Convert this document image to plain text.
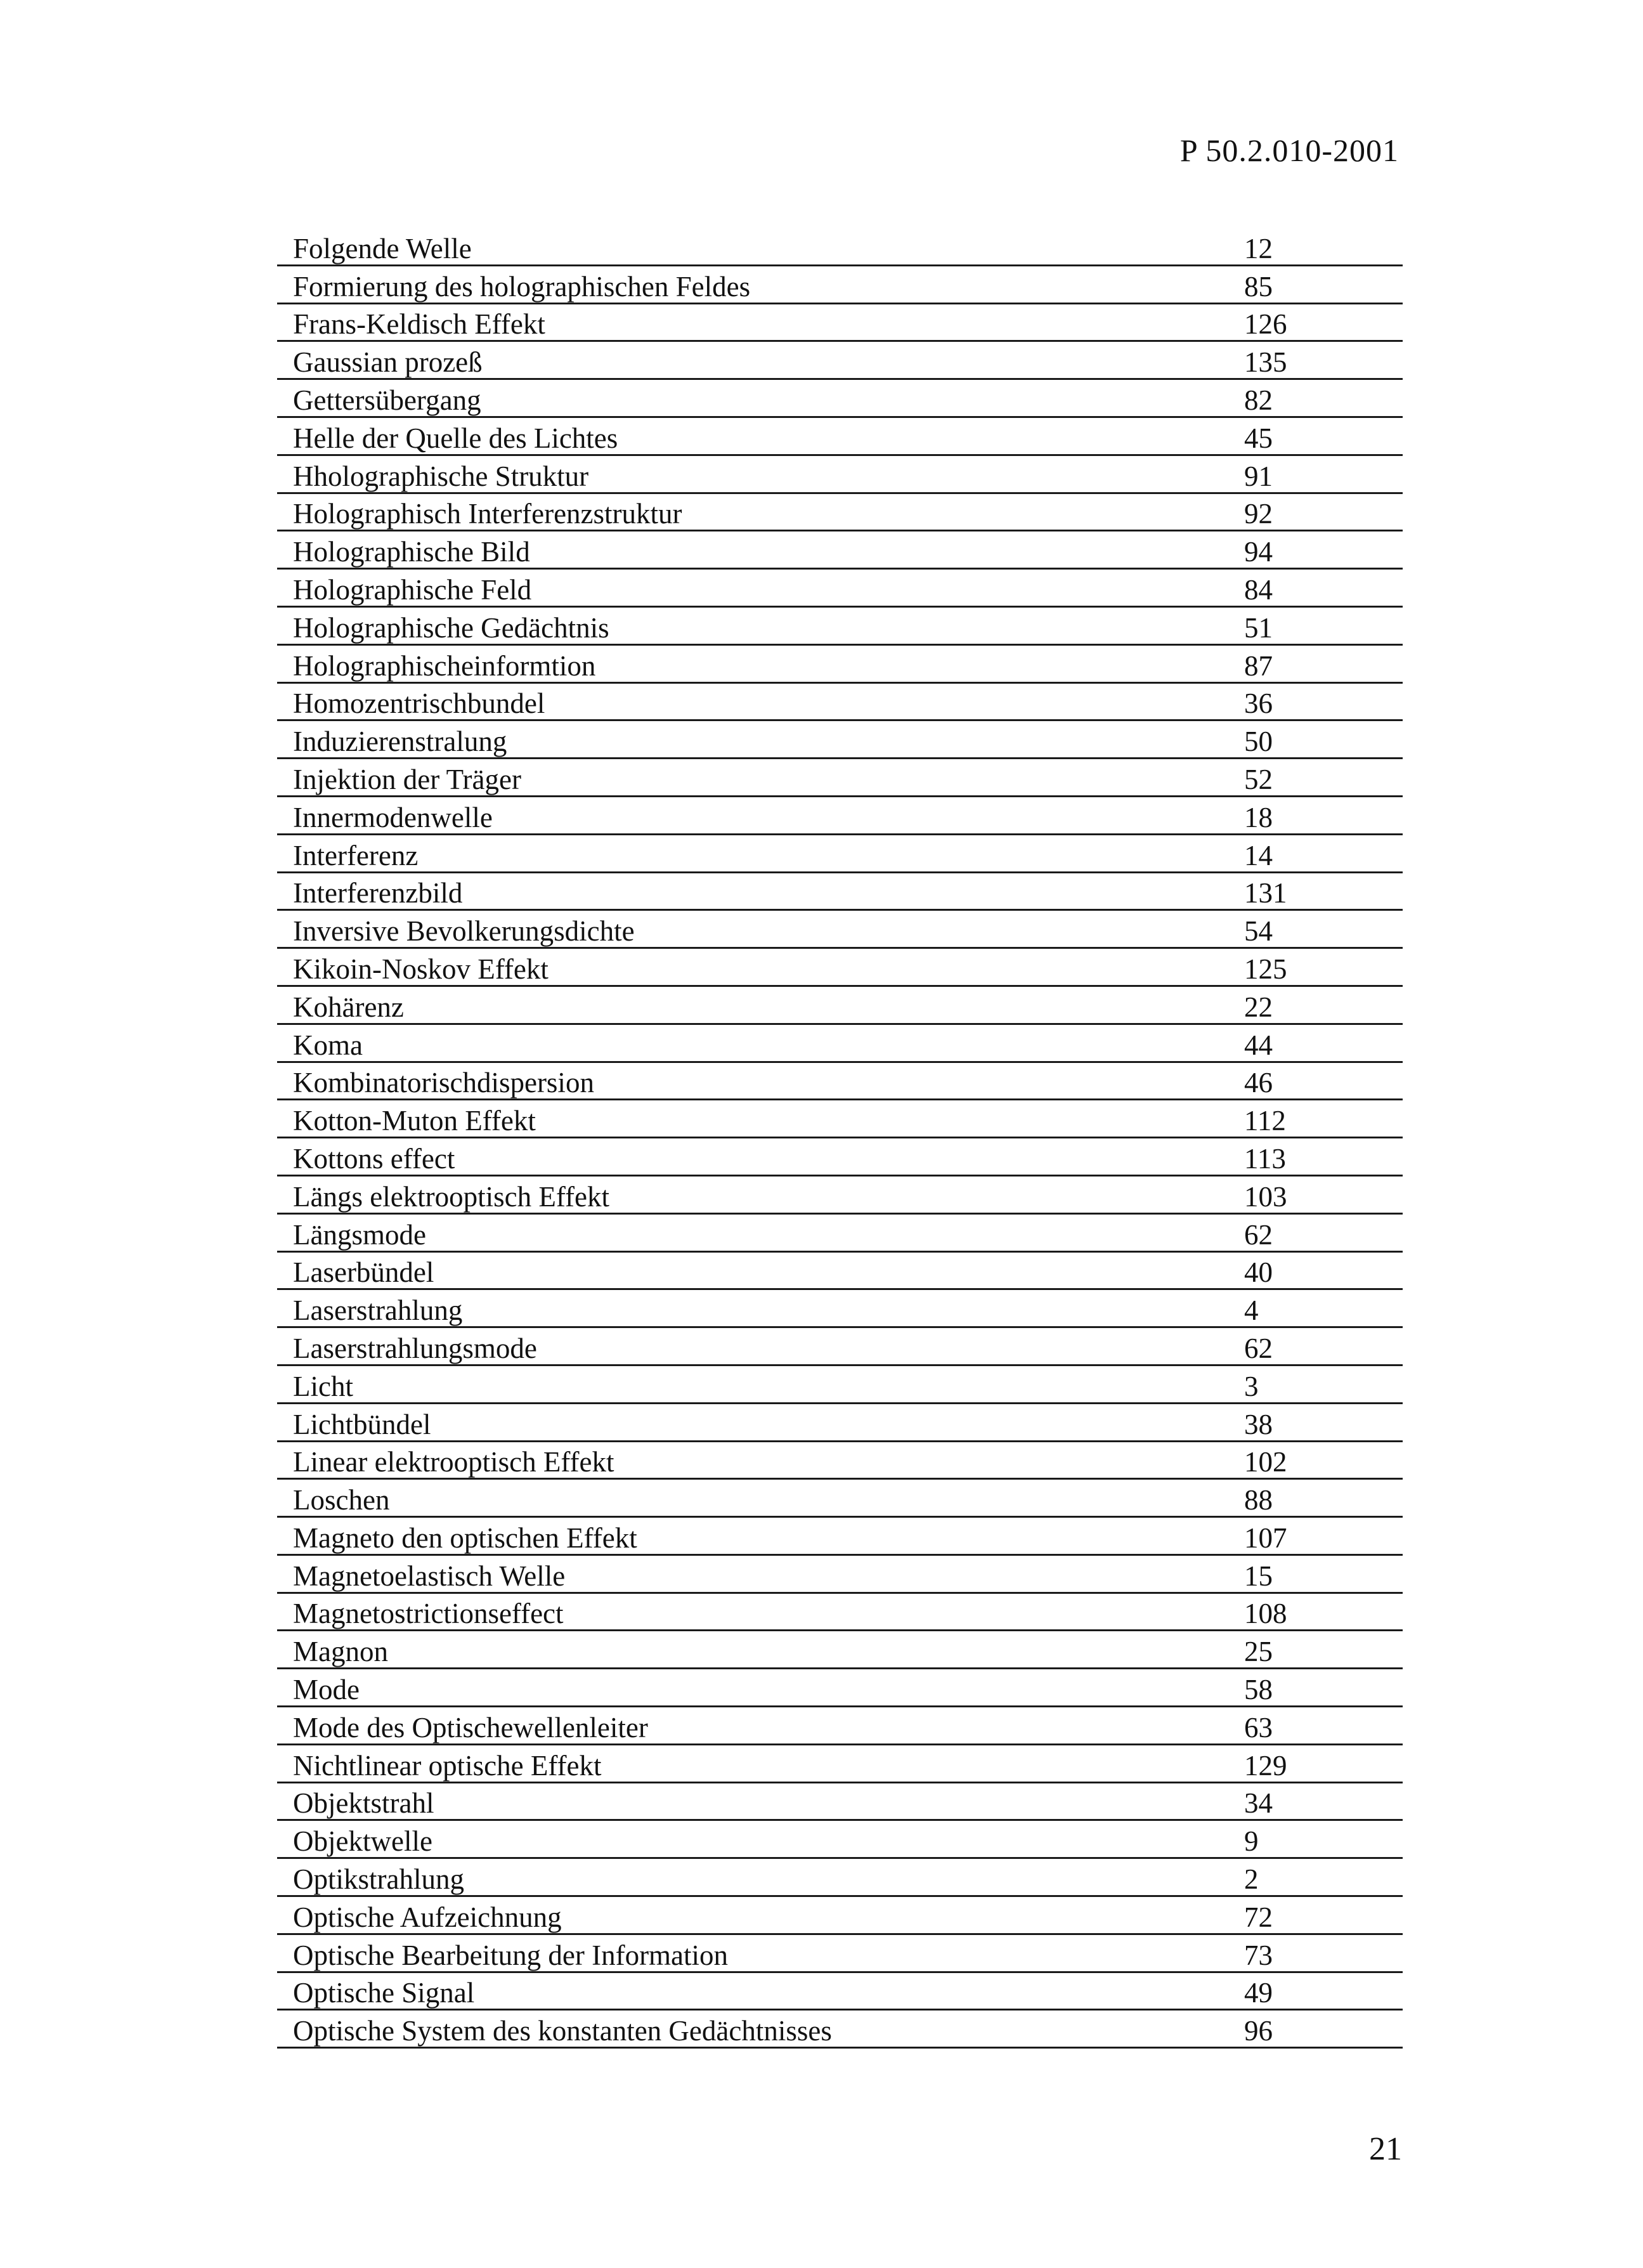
P 50.2.010-2001
Folgende Welle	12
Formierung des holographischen Feldes	85
Frans-Keldisch Effekt	126
Gaussian prozeß	135
Gettersübergang	82
Helle der Quelle des Lichtes	45
Hholographische Struktur	91
Holographisch Interferenzstruktur	92
Holographische Bild	94
Holographische Feld	84
Holographische Gedächtnis	51
Holographischeinformtion	87
Homozentrischbundel	36
Induzierenstralung	50
Injektion der Träger	52
Innermodenwelle	18
Interferenz	14
Interferenzbild	131
Inversive Bevolkerungsdichte	54
Kikoin-Noskov Effekt	125
Kohärenz	22
Koma	44
Kombinatorischdispersion	46
Kotton-Muton Effekt	112
Kottons effect	113
Längs elektrooptisch Effekt	103
Längsmode	62
Laserbündel	40
Laserstrahlung	4
Laserstrahlungsmode	62
Licht	3
Lichtbündel	38
Linear elektrooptisch Effekt	102
Loschen	88
Magneto den optischen Effekt	107
Magnetoelastisch Welle	15
Magnetostrictionseffect	108
Magnon	25
Mode	58
Mode des Optischewellenleiter	63
Nichtlinear optische Effekt	129
Objektstrahl	34
Objektwelle	9
Optikstrahlung	2
Optische Aufzeichnung	72
Optische Bearbeitung der Information	73
Optische Signal	49
Optische System des konstanten Gedächtnisses	96
21
